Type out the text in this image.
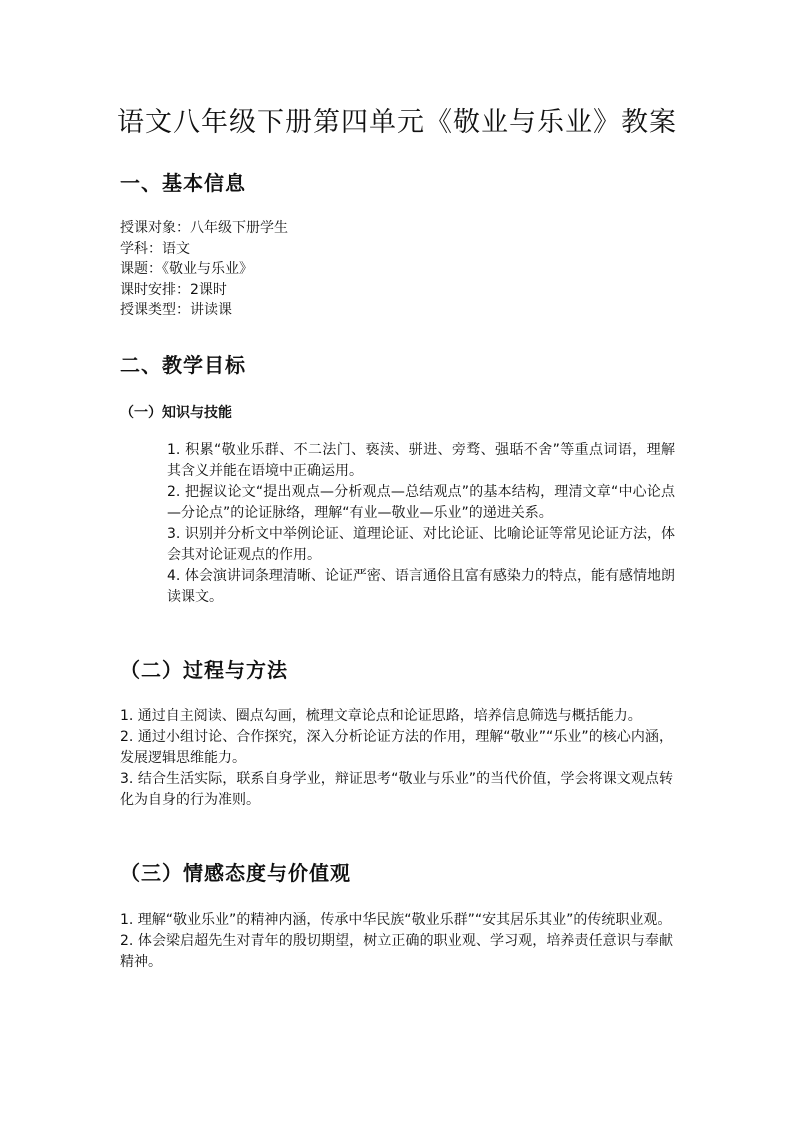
语文八年级下册第四单元《敬业与乐业》教案
一、基本信息
授课对象：八年级下册学生
学科：语文
课题：《敬业与乐业》
课时安排：2课时
授课类型：讲读课
二、教学目标
（一）知识与技能

1. 积累“敬业乐群、不二法门、亵渎、骈进、旁骛、强聒不舍”等重点词语，理解其含义并能在语境中正确运用。

2. 把握议论文“提出观点—分析观点—总结观点”的基本结构，理清文章“中心论点—分论点”的论证脉络，理解“有业—敬业—乐业”的递进关系。

3. 识别并分析文中举例论证、道理论证、对比论证、比喻论证等常见论证方法，体会其对论证观点的作用。

4. 体会演讲词条理清晰、论证严密、语言通俗且富有感染力的特点，能有感情地朗读课文。

（二）过程与方法

1. 通过自主阅读、圈点勾画，梳理文章论点和论证思路，培养信息筛选与概括能力。

2. 通过小组讨论、合作探究，深入分析论证方法的作用，理解“敬业”“乐业”的核心内涵，发展逻辑思维能力。

3. 结合生活实际，联系自身学业，辩证思考“敬业与乐业”的当代价值，学会将课文观点转化为自身的行为准则。

（三）情感态度与价值观

1. 理解“敬业乐业”的精神内涵，传承中华民族“敬业乐群”“安其居乐其业”的传统职业观。

2. 体会梁启超先生对青年的殷切期望，树立正确的职业观、学习观，培养责任意识与奉献精神。
